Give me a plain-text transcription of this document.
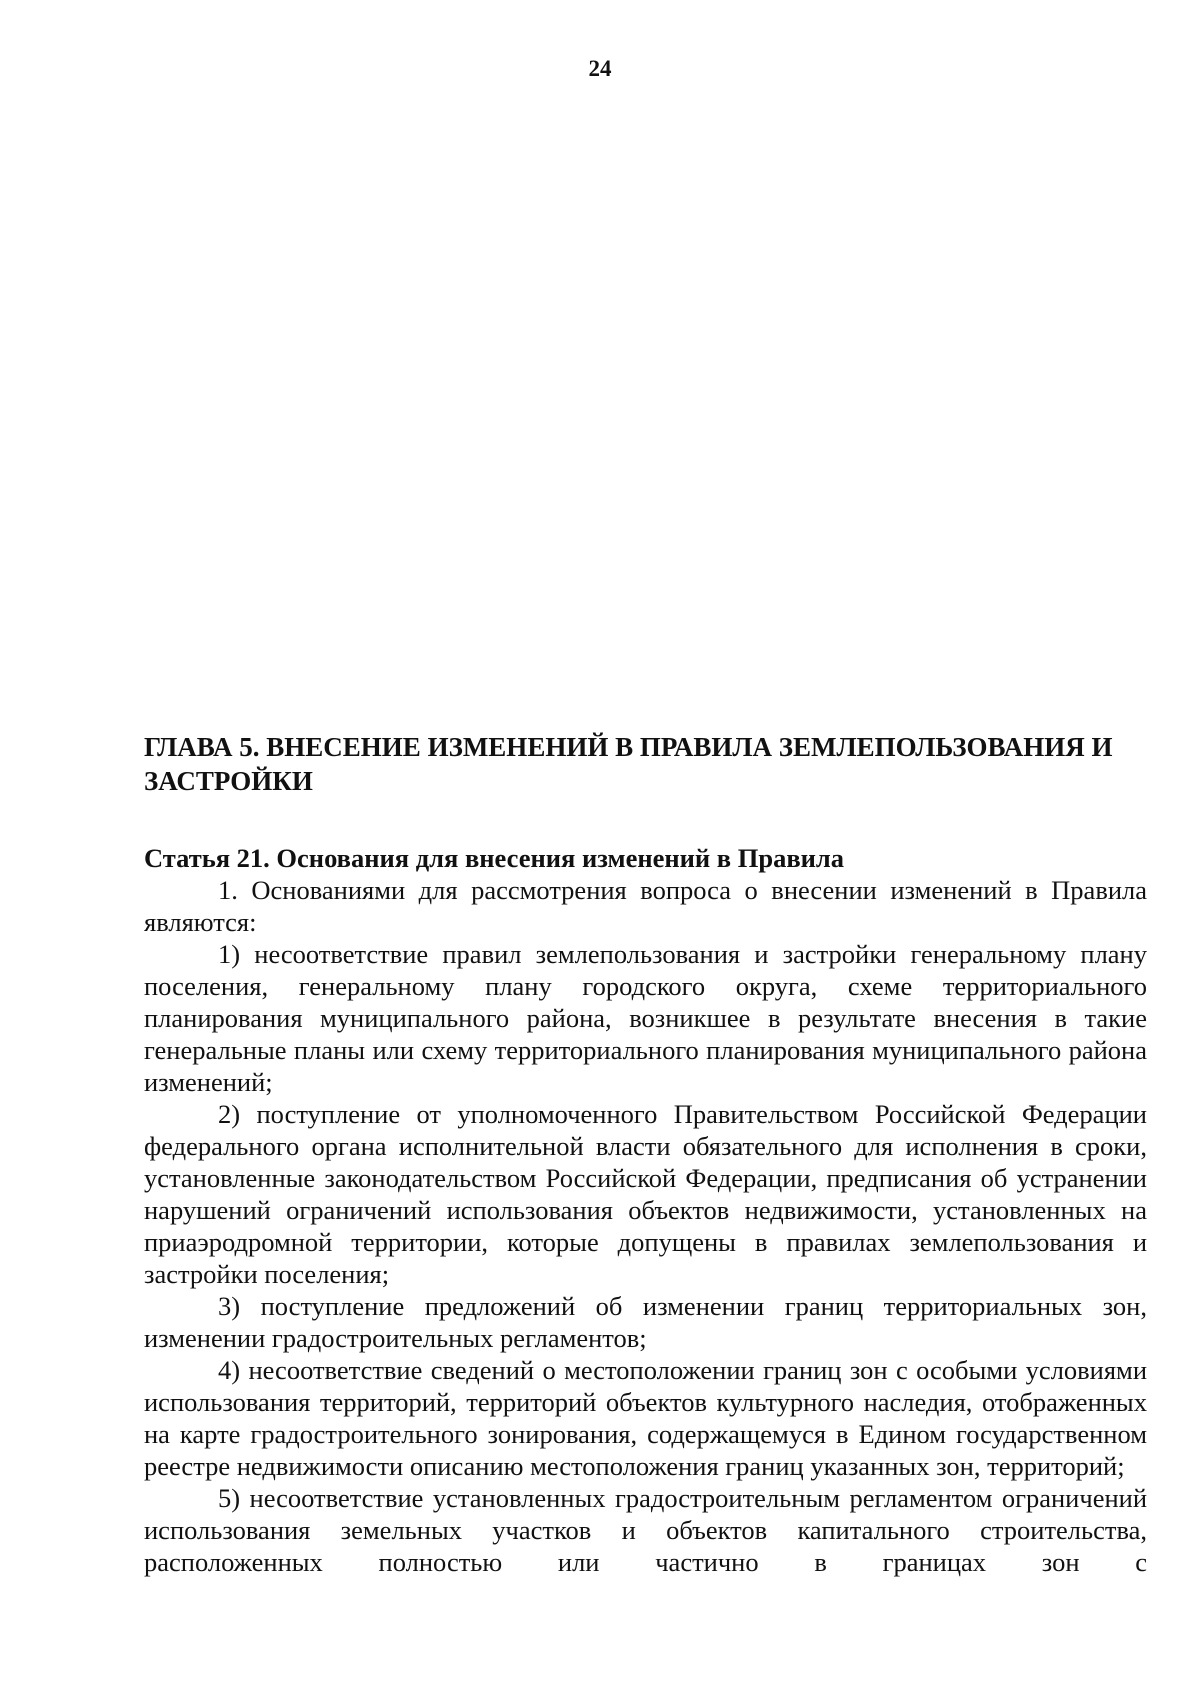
24
ГЛАВА 5. ВНЕСЕНИЕ ИЗМЕНЕНИЙ В ПРАВИЛА ЗЕМЛЕПОЛЬЗОВАНИЯ И ЗАСТРОЙКИ
Статья 21. Основания для внесения изменений в Правила

1. Основаниями для рассмотрения вопроса о внесении изменений в Правила являются:

1) несоответствие правил землепользования и застройки генеральному плану поселения, генеральному плану городского округа, схеме территориального планирования муниципального района, возникшее в результате внесения в такие генеральные планы или схему территориального планирования муниципального района изменений;

2) поступление от уполномоченного Правительством Российской Федерации федерального органа исполнительной власти обязательного для исполнения в сроки, установленные законодательством Российской Федерации, предписания об устранении нарушений ограничений использования объектов недвижимости, установленных на приаэродромной территории, которые допущены в правилах землепользования и застройки поселения;

3) поступление предложений об изменении границ территориальных зон, изменении градостроительных регламентов;

4) несоответствие сведений о местоположении границ зон с особыми условиями использования территорий, территорий объектов культурного наследия, отображенных на карте градостроительного зонирования, содержащемуся в Едином государственном реестре недвижимости описанию местоположения границ указанных зон, территорий;

5) несоответствие установленных градостроительным регламентом ограничений использования земельных участков и объектов капитального строительства, расположенных полностью или частично в границах зон с
